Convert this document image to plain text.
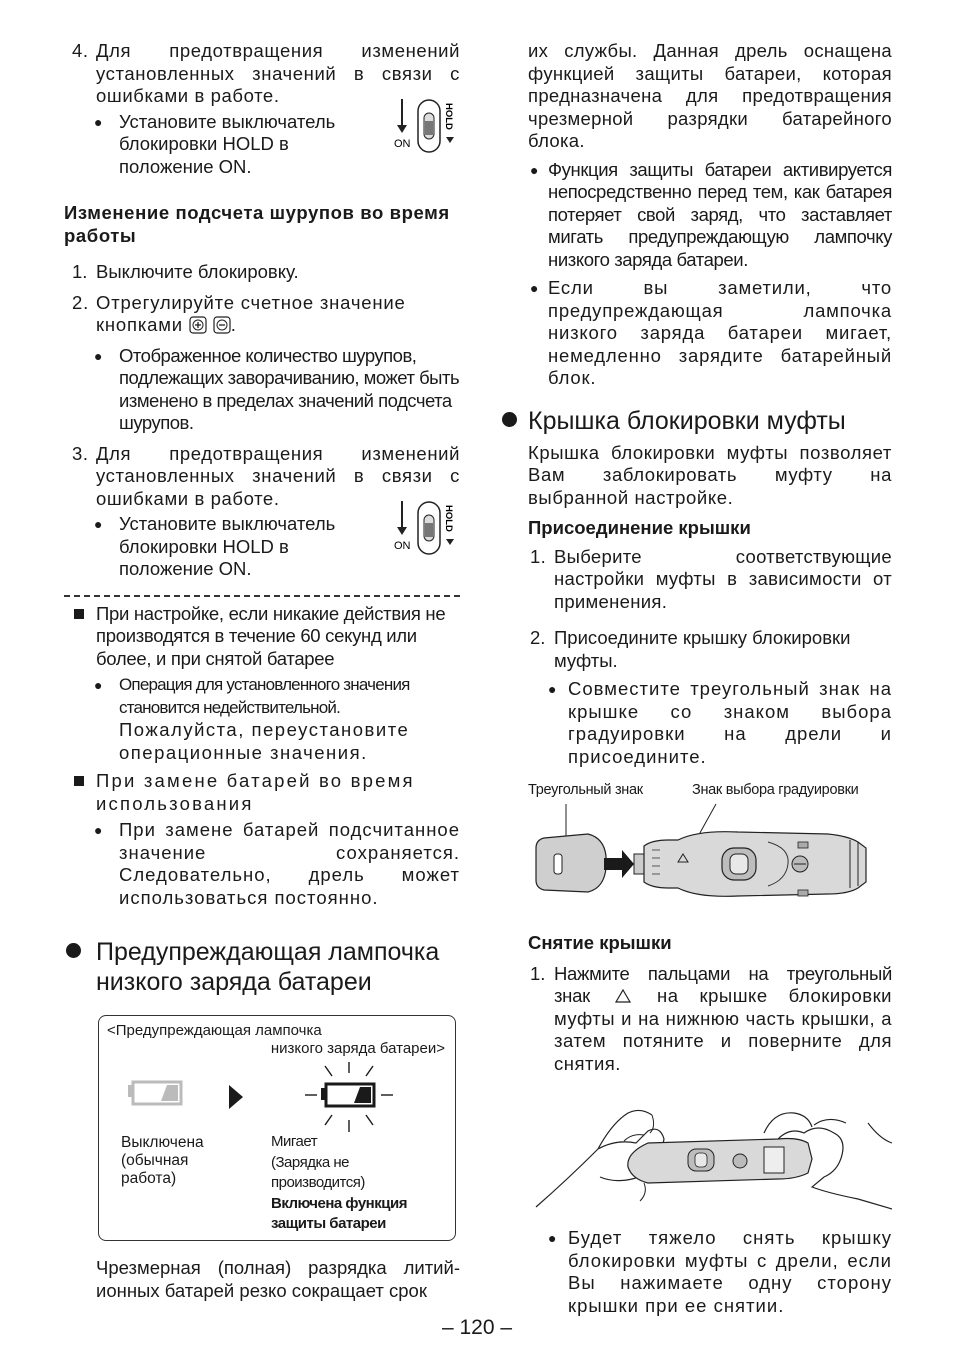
4. Для предотвращения изменений установленных значений в связи с ошибками в работе.

● Установите выключатель блокировки HOLD в положение ON.

ON
HOLD

Изменение подсчета шурупов во время работы

1. Выключите блокировку.

2. Отрегулируйте счетное значение кнопками	.

● Отображенное количество шурупов, подлежащих заворачиванию, может быть изменено в пределах значений подсчета шурупов.

3. Для предотвращения изменений установленных значений в связи с ошибками в работе.

● Установите выключатель блокировки HOLD в положение ON.

ON
HOLD

При настройке, если никакие действия не производятся в течение 60 секунд или более, и при снятой батарее

● Операция для установленного значения становится недействительной.

Пожалуйста, переустановите операционные значения.

При замене батарей во время использования

● При замене батарей подсчитанное значение сохраняется. Следовательно, дрель может использоваться постоянно.

Предупреждающая лампочка низкого заряда батареи
<Предупреждающая лампочка
низкого заряда батареи>
Выключена
(обычная
работа)
Мигает
(Зарядка не
производится)
Включена функция
защиты батареи

Чрезмерная (полная) разрядка литий-ионных батарей резко сокращает срок

их службы. Данная дрель оснащена функцией защиты батареи, которая предназначена для предотвращения чрезмерной разрядки батарейного блока.

● Функция защиты батареи активируется непосредственно перед тем, как батарея потеряет свой заряд, что заставляет мигать предупреждающую лампочку низкого заряда батареи.

● Если вы заметили, что предупреждающая лампочка низкого заряда батареи мигает, немедленно зарядите батарейный блок.

Крышка блокировки муфты

Крышка блокировки муфты позволяет Вам заблокировать муфту на выбранной настройке.

Присоединение крышки

1. Выберите соответствующие настройки муфты в зависимости от применения.

2. Присоедините крышку блокировки муфты.

● Совместите треугольный знак на крышке со знаком выбора градуировки на дрели и присоедините.

Треугольный знак	Знак выбора градуировки

Снятие крышки

1. Нажмите пальцами на треугольный знак	на крышке блокировки муфты и на нижнюю часть крышки, а затем потяните и поверните для снятия.

● Будет тяжело снять крышку блокировки муфты с дрели, если Вы нажимаете одну сторону крышки при ее снятии.

– 120 –
